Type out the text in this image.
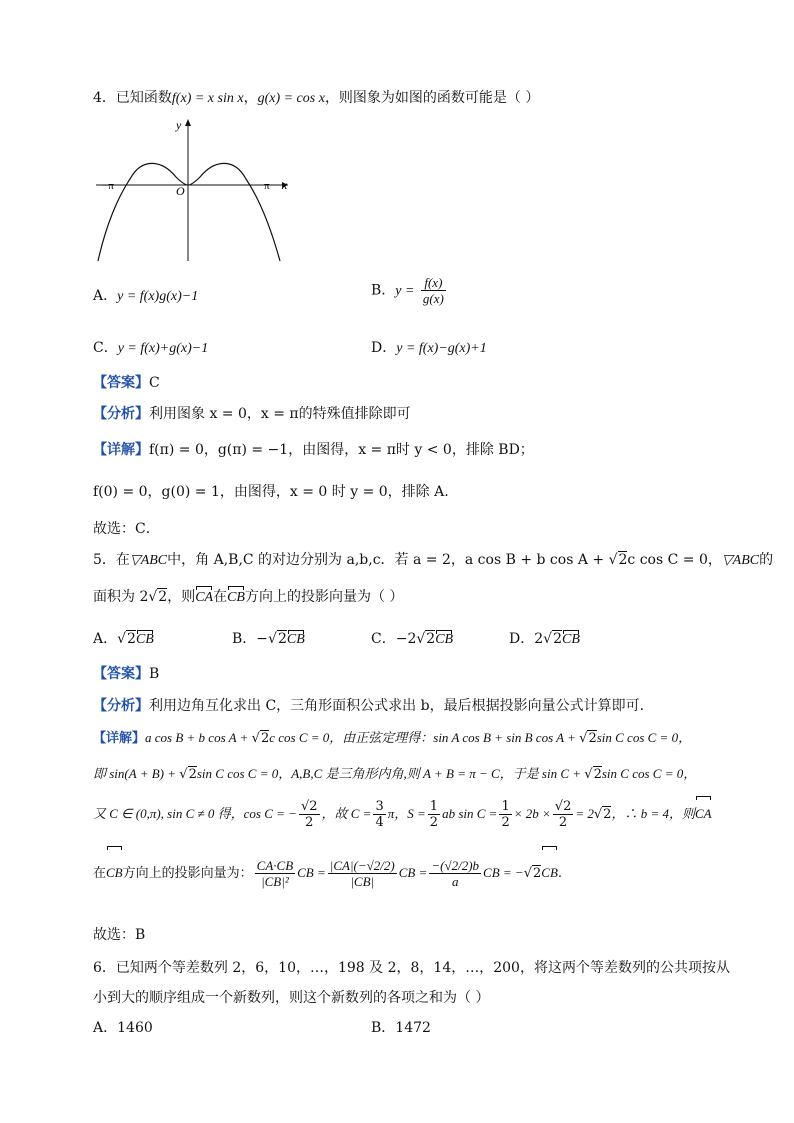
4．已知函数f(x) = x sin x，g(x) = cos x，则图象为如图的函数可能是（ ）
y
x
O
−π	π
A．y = f(x)g(x)−1	B．$y = \frac{f(x)}{g(x)}$
C．y = f(x)+g(x)−1	D．y = f(x)−g(x)+1
【答案】C
【分析】利用图象 x = 0，x = π的特殊值排除即可
【详解】f(π) = 0，g(π) = −1，由图得，x = π时 y < 0，排除 BD；
f(0) = 0，g(0) = 1，由图得，x = 0 时 y = 0，排除 A.
故选：C．
5．在▽ABC中，角 A,B,C 的对边分别为 a,b,c．若 a = 2，a cos B + b cos A + √2c cos C = 0，▽ABC的
面积为 2√2，则CA在CB方向上的投影向量为（ ）
A．√2CB	B．−√2CB	C．−2√2CB	D．2√2CB
【答案】B
【分析】利用边角互化求出 C，三角形面积公式求出 b，最后根据投影向量公式计算即可.
【详解】a cos B + b cos A + √2c cos C = 0，由正弦定理得：sin A cos B + sin B cos A + √2sin C cos C = 0，
即 sin(A + B) + √2sin C cos C = 0，A,B,C 是三角形内角,则 A + B = π − C，于是 sin C + √2sin C cos C = 0，
又 C ∈ (0,π), sin C ≠ 0 得，cos C = − $\frac{√2}{2}$ ，故 $C = \frac{3}{4}$ π，$S = \frac{1}{2}$ ab $\sin C = \frac{1}{2} \times 2b \times \frac{√2}{2} = 2√2$，∴ b = 4，则CA
在CB方向上的投影向量为： $\frac{CA\cdot CB}{\text{|CB|²}}$ CB = $\frac{|CA|(-√2/2)}{|CB|}$ CB = $\frac{-(√2/2)b}{a}$ CB = −√2CB.
故选：B
6．已知两个等差数列 2，6，10，…，198 及 2，8，14，…，200，将这两个等差数列的公共项按从
小到大的顺序组成一个新数列，则这个新数列的各项之和为（ ）
A．1460	B．1472
